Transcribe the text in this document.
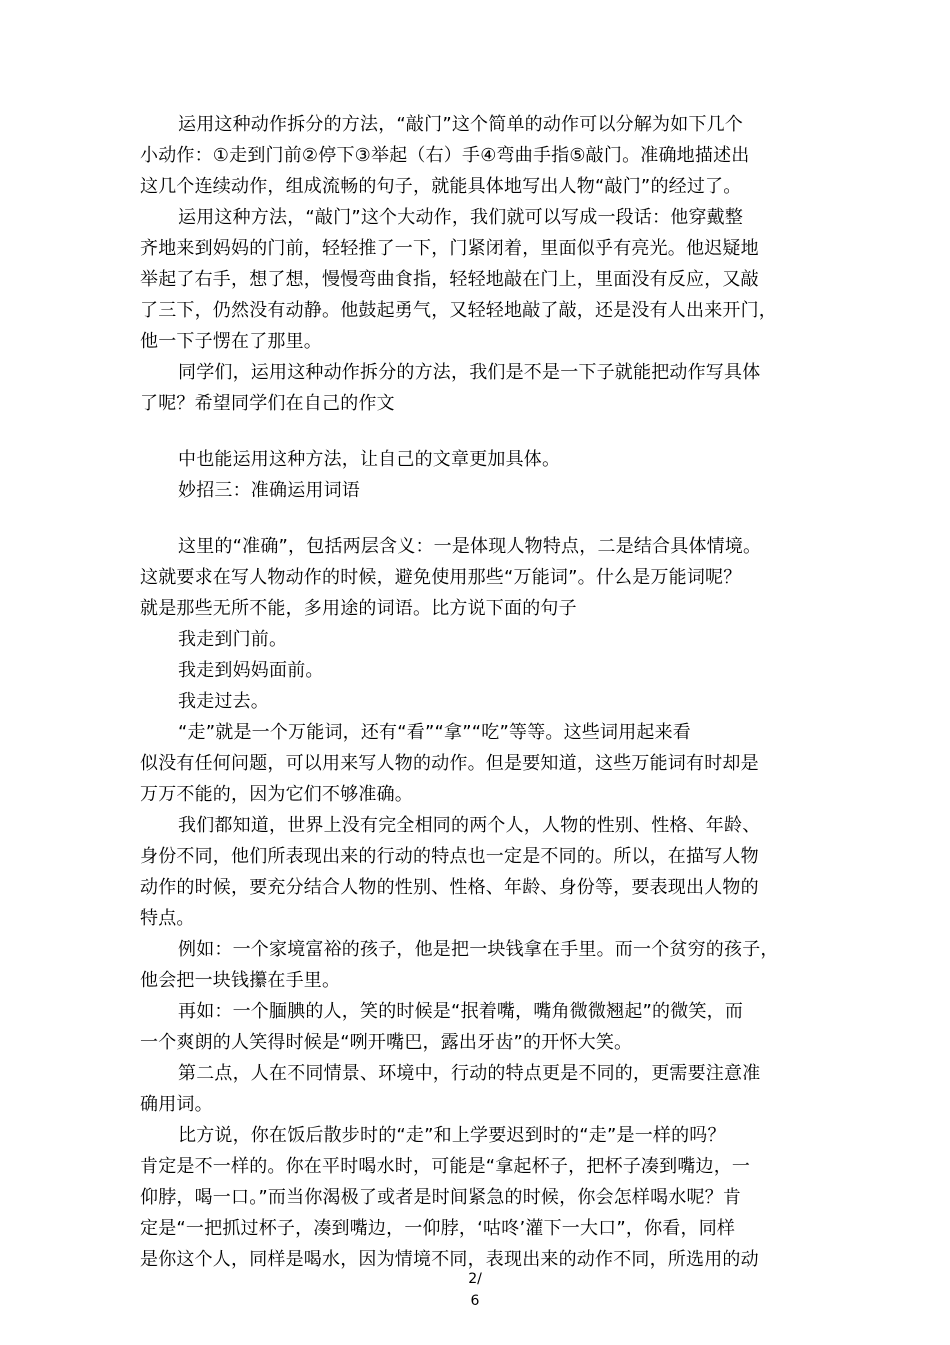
运用这种动作拆分的方法，“敲门”这个简单的动作可以分解为如下几个
小动作：①走到门前②停下③举起（右）手④弯曲手指⑤敲门。准确地描述出
这几个连续动作，组成流畅的句子，就能具体地写出人物“敲门”的经过了。
运用这种方法，“敲门”这个大动作，我们就可以写成一段话：他穿戴整
齐地来到妈妈的门前，轻轻推了一下，门紧闭着，里面似乎有亮光。他迟疑地
举起了右手，想了想，慢慢弯曲食指，轻轻地敲在门上，里面没有反应，又敲
了三下，仍然没有动静。他鼓起勇气，又轻轻地敲了敲，还是没有人出来开门，
他一下子愣在了那里。
同学们，运用这种动作拆分的方法，我们是不是一下子就能把动作写具体
了呢？希望同学们在自己的作文
中也能运用这种方法，让自己的文章更加具体。
妙招三：准确运用词语
这里的“准确”，包括两层含义：一是体现人物特点，二是结合具体情境。
这就要求在写人物动作的时候，避免使用那些“万能词”。什么是万能词呢？
就是那些无所不能，多用途的词语。比方说下面的句子
我走到门前。
我走到妈妈面前。
我走过去。
“走”就是一个万能词，还有“看”“拿”“吃”等等。这些词用起来看
似没有任何问题，可以用来写人物的动作。但是要知道，这些万能词有时却是
万万不能的，因为它们不够准确。
我们都知道，世界上没有完全相同的两个人，人物的性别、性格、年龄、
身份不同，他们所表现出来的行动的特点也一定是不同的。所以，在描写人物
动作的时候，要充分结合人物的性别、性格、年龄、身份等，要表现出人物的
特点。
例如：一个家境富裕的孩子，他是把一块钱拿在手里。而一个贫穷的孩子，
他会把一块钱攥在手里。
再如：一个腼腆的人，笑的时候是“抿着嘴，嘴角微微翘起”的微笑，而
一个爽朗的人笑得时候是“咧开嘴巴，露出牙齿”的开怀大笑。
第二点，人在不同情景、环境中，行动的特点更是不同的，更需要注意准
确用词。
比方说，你在饭后散步时的“走”和上学要迟到时的“走”是一样的吗？
肯定是不一样的。你在平时喝水时，可能是“拿起杯子，把杯子凑到嘴边，一
仰脖，喝一口。”而当你渴极了或者是时间紧急的时候，你会怎样喝水呢？肯
定是“一把抓过杯子，凑到嘴边，一仰脖，‘咕咚’灌下一大口”，你看，同样
是你这个人，同样是喝水，因为情境不同，表现出来的动作不同，所选用的动
2/
6
